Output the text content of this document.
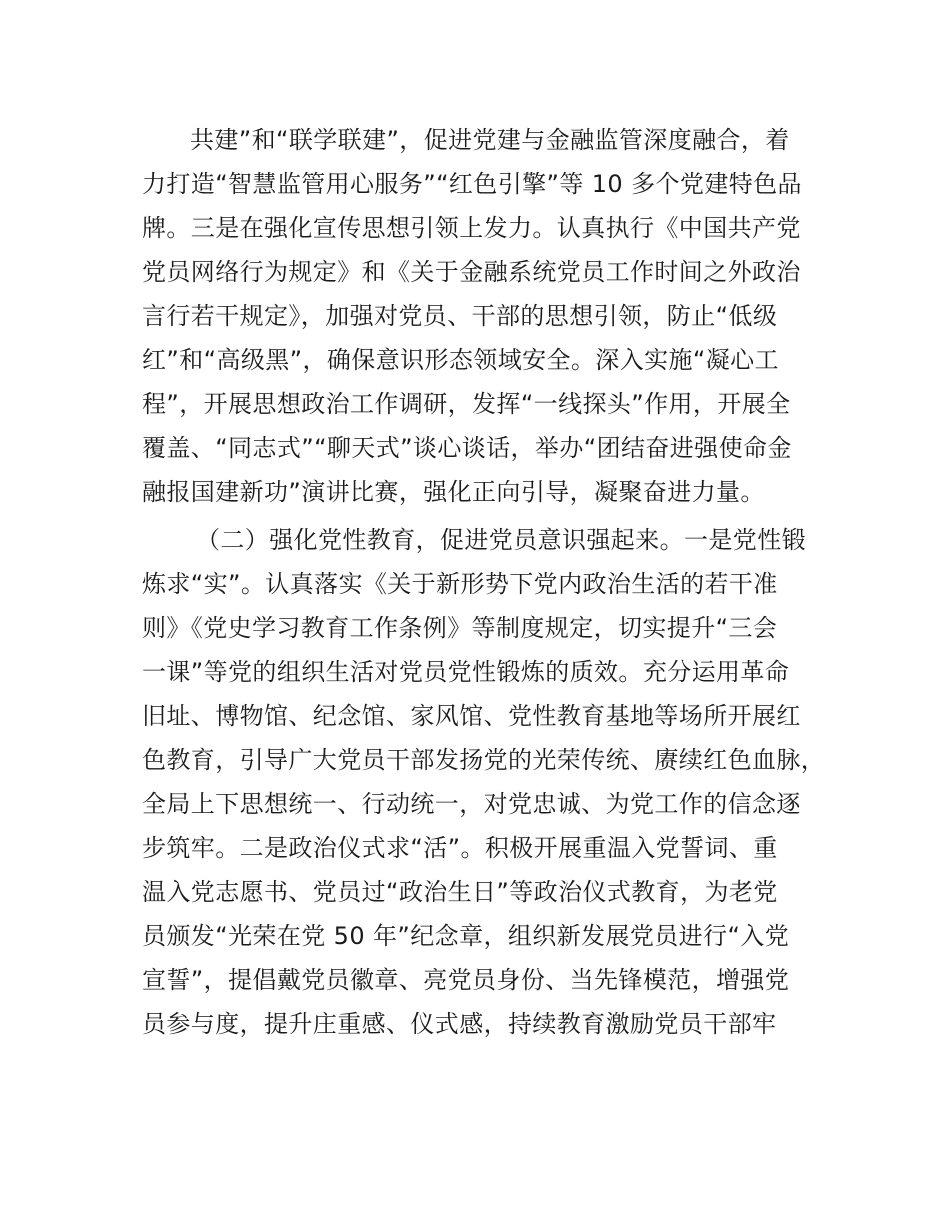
共建”和“联学联建”，促进党建与金融监管深度融合，着
力打造“智慧监管用心服务”“红色引擎”等 10 多个党建特色品
牌。三是在强化宣传思想引领上发力。认真执行《中国共产党
党员网络行为规定》和《关于金融系统党员工作时间之外政治
言行若干规定》，加强对党员、干部的思想引领，防止“低级
红”和“高级黑”，确保意识形态领域安全。深入实施“凝心工
程”，开展思想政治工作调研，发挥“一线探头”作用，开展全
覆盖、“同志式”“聊天式”谈心谈话，举办“团结奋进强使命金
融报国建新功”演讲比赛，强化正向引导，凝聚奋进力量。
（二）强化党性教育，促进党员意识强起来。一是党性锻
炼求“实”。认真落实《关于新形势下党内政治生活的若干准
则》《党史学习教育工作条例》等制度规定，切实提升“三会
一课”等党的组织生活对党员党性锻炼的质效。充分运用革命
旧址、博物馆、纪念馆、家风馆、党性教育基地等场所开展红
色教育，引导广大党员干部发扬党的光荣传统、赓续红色血脉，
全局上下思想统一、行动统一，对党忠诚、为党工作的信念逐
步筑牢。二是政治仪式求“活”。积极开展重温入党誓词、重
温入党志愿书、党员过“政治生日”等政治仪式教育，为老党
员颁发“光荣在党 50 年”纪念章，组织新发展党员进行“入党
宣誓”，提倡戴党员徽章、亮党员身份、当先锋模范，增强党
员参与度，提升庄重感、仪式感，持续教育激励党员干部牢
